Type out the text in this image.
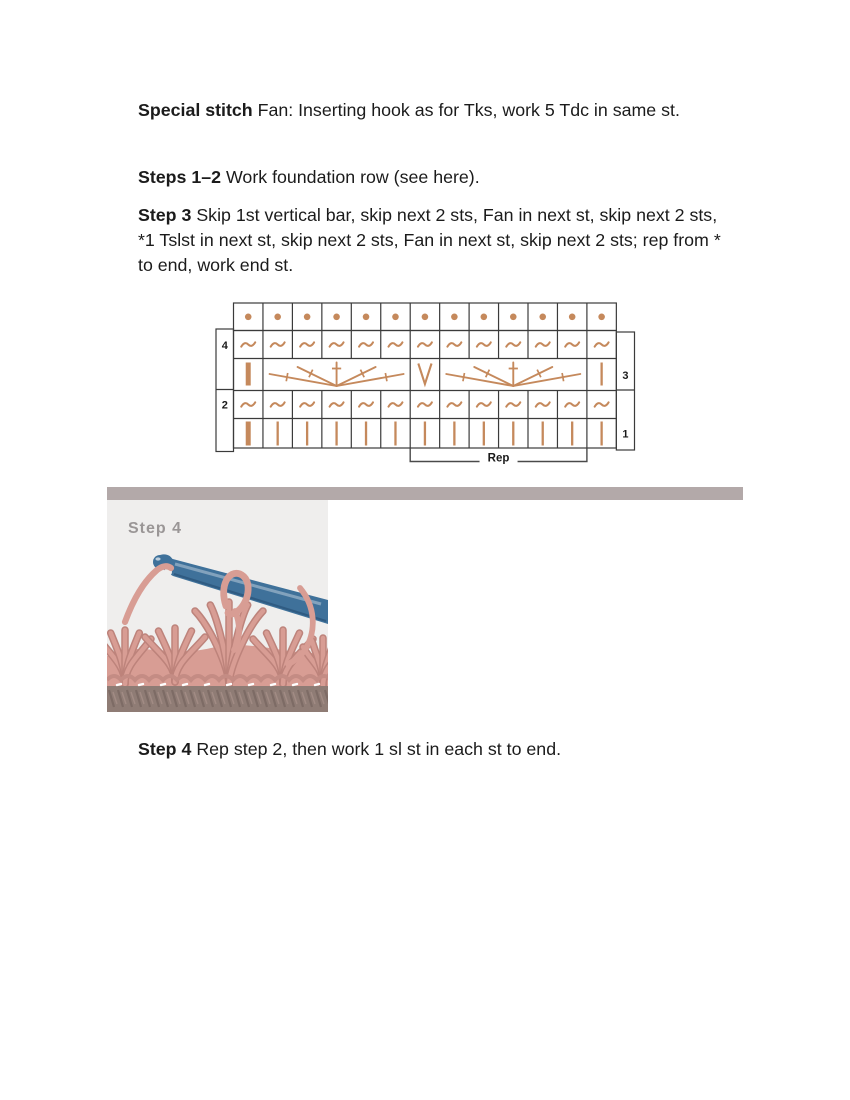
Special stitch Fan: Inserting hook as for Tks, work 5 Tdc in same st.

Steps 1–2 Work foundation row (see here).

Step 3 Skip 1st vertical bar, skip next 2 sts, Fan in next st, skip next 2 sts, *1 Tslst in next st, skip next 2 sts, Fan in next st, skip next 2 sts; rep from * to end, work end st.

4
2
3
1
Rep
Step 4

Step 4 Rep step 2, then work 1 sl st in each st to end.
